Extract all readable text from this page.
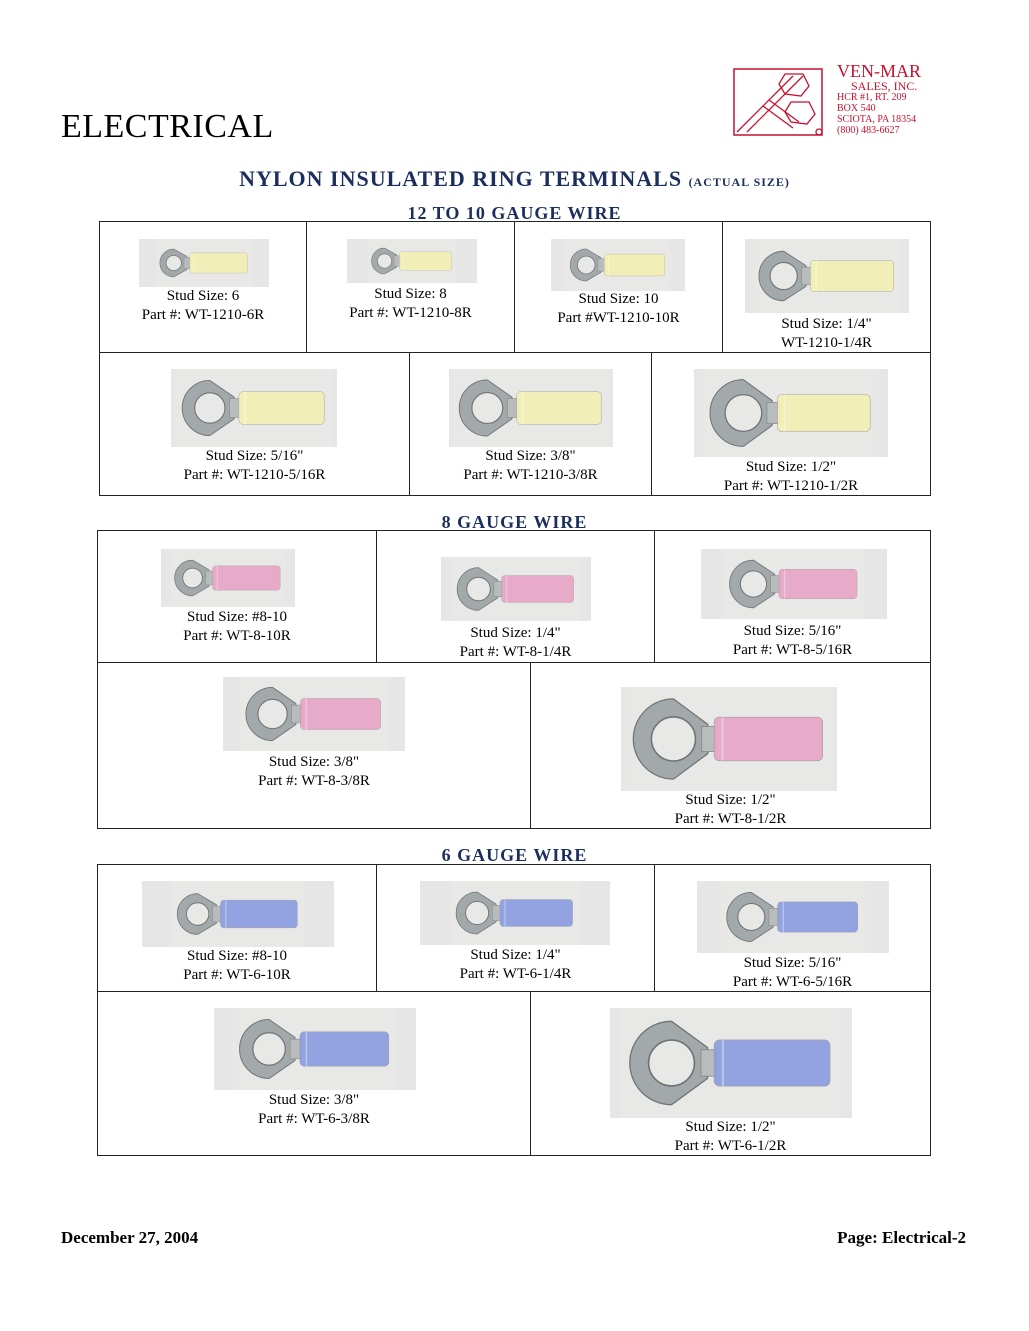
ELECTRICAL
VEN-MAR
SALES, INC.
HCR #1, RT. 209
BOX 540
SCIOTA, PA 18354
(800) 483-6627
NYLON INSULATED RING TERMINALS (ACTUAL SIZE)
12 TO 10 GAUGE WIRE
8 GAUGE WIRE
6 GAUGE WIRE
Stud Size: 6
Part #: WT-1210-6R
Stud Size: 8
Part #: WT-1210-8R
Stud Size: 10
Part #WT-1210-10R	Stud Size: 1/4"
WT-1210-1/4R
Stud Size: 5/16"
Part #: WT-1210-5/16R
Stud Size: 3/8"
Part #: WT-1210-3/8R	Stud Size: 1/2"
Part #: WT-1210-1/2R
Stud Size: #8-10
Part #: WT-8-10R	Stud Size: 1/4"
Part #: WT-8-1/4R
Stud Size: 5/16"
Part #: WT-8-5/16R
Stud Size: 3/8"
Part #: WT-8-3/8R
Stud Size: 1/2"
Part #: WT-8-1/2R
Stud Size: #8-10
Part #: WT-6-10R
Stud Size: 1/4"
Part #: WT-6-1/4R
Stud Size: 5/16"
Part #: WT-6-5/16R
Stud Size: 3/8"
Part #: WT-6-3/8R	Stud Size: 1/2"
Part #: WT-6-1/2R
December 27, 2004	Page: Electrical-2
